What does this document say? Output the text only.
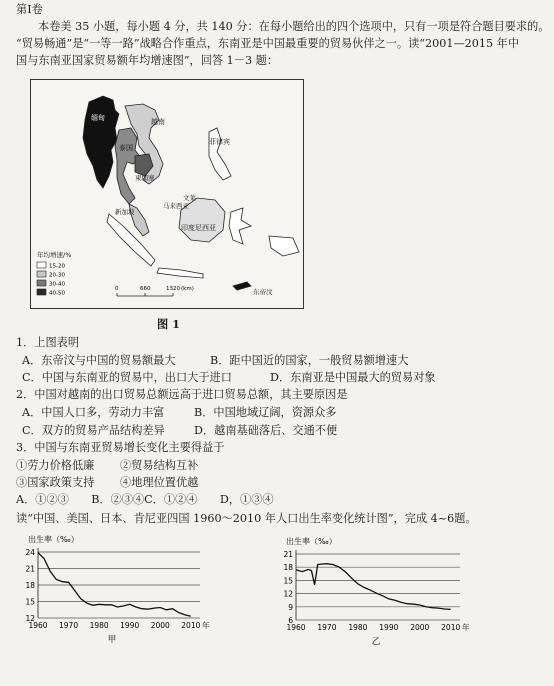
第Ⅰ卷
本卷美 35 小题，每小题 4 分，共 140 分：在每小题给出的四个选项中，只有一项是符合题目要求的。
“贸易畅通”是“一等一路”战略合作重点，东南亚是中国最重要的贸易伙伴之一。读“2001—2015 年中
国与东南亚国家贸易额年均增速图”，回答 1－3 题：
缅甸
泰国
柬埔寨
越南
菲律宾
文莱
马来西亚
新加坡
印度尼西亚
东帝汶
年均增速/%
15-20
20-30
30-40
40-50
0	660	1320 (km)
图 1
1．上图表明
A．东帝汶与中国的贸易额最大	B．距中国近的国家，一般贸易额增速大
C．中国与东南亚的贸易中，出口大于进口	D．东南亚是中国最大的贸易对象
2．中国对越南的出口贸易总额远高于进口贸易总额，其主要原因是
A．中国人口多，劳动力丰富	B．中国地域辽阔，资源众多
C．双方的贸易产品结构差异	D．越南基础落后、交通不便
3．中国与东南亚贸易增长变化主要得益于
①劳力价格低廉 ②贸易结构互补
③国家政策支持 ④地理位置优越
A．①②③　　B．②③④C．①②④　　D，①③④
读“中国、美国、日本、肯尼亚四国 1960～2010 年人口出生率变化统计图”，完成 4~6题。
出生率（‰）
24
21
18
15
12
1960 1970 1980 1990 2000 2010 年
甲
出生率（‰）
21
18
15
12
9
6
1960 1970 1980 1990 2000 2010 年
乙
